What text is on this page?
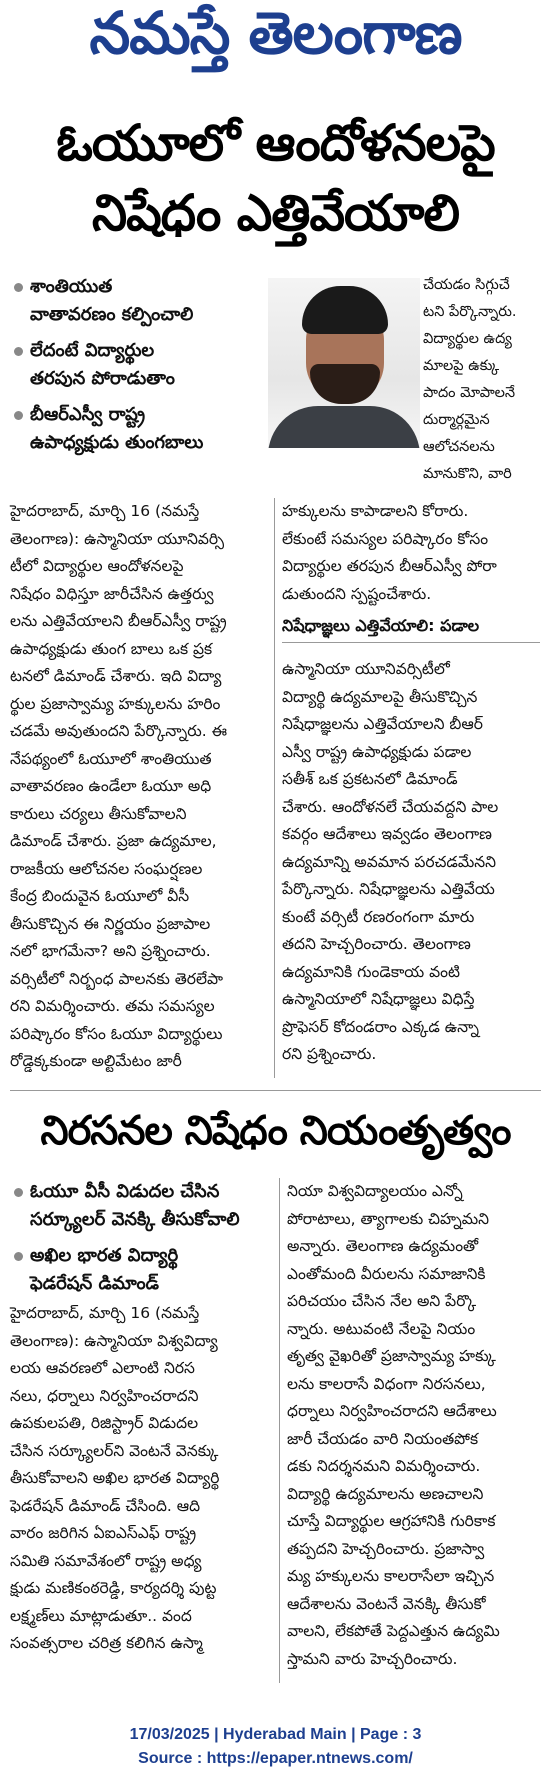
నమస్తే తెలంగాణ
ఓయూలో ఆందోళనలపై
నిషేధం ఎత్తివేయాలి
శాంతియుత
వాతావరణం కల్పించాలి
లేదంటే విద్యార్థుల
తరపున పోరాడుతాం
బీఆర్ఎస్వీ రాష్ట్ర
ఉపాధ్యక్షుడు తుంగబాలు
చేయడం సిగ్గుచే
టని పేర్కొన్నారు.
విద్యార్థుల ఉద్య
మాలపై ఉక్కు
పాదం మోపాలనే
దుర్మార్గమైన
ఆలోచనలను
మానుకొని, వారి
హక్కులను కాపాడాలని కోరారు.
లేకుంటే సమస్యల పరిష్కారం కోసం
విద్యార్థుల తరపున బీఆర్ఎస్వీ పోరా
డుతుందని స్పష్టంచేశారు.
హైదరాబాద్, మార్చి 16 (నమస్తే
తెలంగాణ): ఉస్మానియా యూనివర్సి
టీలో విద్యార్థుల ఆందోళనలపై
నిషేధం విధిస్తూ జారీచేసిన ఉత్తర్వు
లను ఎత్తివేయాలని బీఆర్ఎస్వీ రాష్ట్ర
ఉపాధ్యక్షుడు తుంగ బాలు ఒక ప్రక
టనలో డిమాండ్ చేశారు. ఇది విద్యా
ర్థుల ప్రజాస్వామ్య హక్కులను హరిం
చడమే అవుతుందని పేర్కొన్నారు. ఈ
నేపథ్యంలో ఓయూలో శాంతియుత
వాతావరణం ఉండేలా ఓయూ అధి
కారులు చర్యలు తీసుకోవాలని
డిమాండ్ చేశారు. ప్రజా ఉద్యమాల,
రాజకీయ ఆలోచనల సంఘర్షణల
కేంద్ర బిందువైన ఓయూలో వీసీ
తీసుకొచ్చిన ఈ నిర్ణయం ప్రజాపాల
నలో భాగమేనా? అని ప్రశ్నించారు.
వర్సిటీలో నిర్బంధ పాలనకు తెరలేపా
రని విమర్శించారు. తమ సమస్యల
పరిష్కారం కోసం ఓయూ విద్యార్థులు
రోడ్డెక్కకుండా అల్టిమేటం జారీ
నిషేధాజ్ఞలు ఎత్తివేయాలి: పడాల
ఉస్మానియా యూనివర్సిటీలో
విద్యార్థి ఉద్యమాలపై తీసుకొచ్చిన
నిషేధాజ్ఞలను ఎత్తివేయాలని బీఆర్
ఎస్వీ రాష్ట్ర ఉపాధ్యక్షుడు పడాల
సతీశ్ ఒక ప్రకటనలో డిమాండ్
చేశారు. ఆందోళనలే చేయవద్దని పాల
కవర్గం ఆదేశాలు ఇవ్వడం తెలంగాణ
ఉద్యమాన్ని అవమాన పరచడమేనని
పేర్కొన్నారు. నిషేధాజ్ఞలను ఎత్తివేయ
కుంటే వర్సిటీ రణరంగంగా మారు
తదని హెచ్చరించారు. తెలంగాణ
ఉద్యమానికి గుండెకాయ వంటి
ఉస్మానియాలో నిషేధాజ్ఞలు విధిస్తే
ప్రొఫెసర్ కోదండరాం ఎక్కడ ఉన్నా
రని ప్రశ్నించారు.
నిరసనల నిషేధం నియంతృత్వం
ఓయూ వీసీ విడుదల చేసిన
సర్క్యూలర్ వెనక్కి తీసుకోవాలి
అఖిల భారత విద్యార్థి
ఫెడరేషన్ డిమాండ్
హైదరాబాద్, మార్చి 16 (నమస్తే
తెలంగాణ): ఉస్మానియా విశ్వవిద్యా
లయ ఆవరణలో ఎలాంటి నిరస
నలు, ధర్నాలు నిర్వహించరాదని
ఉపకులపతి, రిజిస్ట్రార్ విడుదల
చేసిన సర్క్యూలర్‌ని వెంటనే వెనక్కు
తీసుకోవాలని అఖిల భారత విద్యార్థి
ఫెడరేషన్ డిమాండ్ చేసింది. ఆది
వారం జరిగిన ఏఐఎస్ఎఫ్ రాష్ట్ర
సమితి సమావేశంలో రాష్ట్ర అధ్య
క్షుడు మణికంఠరెడ్డి, కార్యదర్శి పుట్ట
లక్ష్మణ్‌లు మాట్లాడుతూ.. వంద
సంవత్సరాల చరిత్ర కలిగిన ఉస్మా
నియా విశ్వవిద్యాలయం ఎన్నో
పోరాటాలు, త్యాగాలకు చిహ్నమని
అన్నారు. తెలంగాణ ఉద్యమంతో
ఎంతోమంది వీరులను సమాజానికి
పరిచయం చేసిన నేల అని పేర్కొ
న్నారు. అటువంటి నేలపై నియం
తృత్వ వైఖరితో ప్రజాస్వామ్య హక్కు
లను కాలరాసే విధంగా నిరసనలు,
ధర్నాలు నిర్వహించరాదని ఆదేశాలు
జారీ చేయడం వారి నియంతపోక
డకు నిదర్శనమని విమర్శించారు.
విద్యార్థి ఉద్యమాలను అణచాలని
చూస్తే విద్యార్థుల ఆగ్రహానికి గురికాక
తప్పదని హెచ్చరించారు. ప్రజాస్వా
మ్య హక్కులను కాలరాసేలా ఇచ్చిన
ఆదేశాలను వెంటనే వెనక్కి తీసుకో
వాలని, లేకపోతే పెద్దఎత్తున ఉద్యమి
స్తామని వారు హెచ్చరించారు.
17/03/2025 | Hyderabad Main | Page : 3
Source : https://epaper.ntnews.com/
